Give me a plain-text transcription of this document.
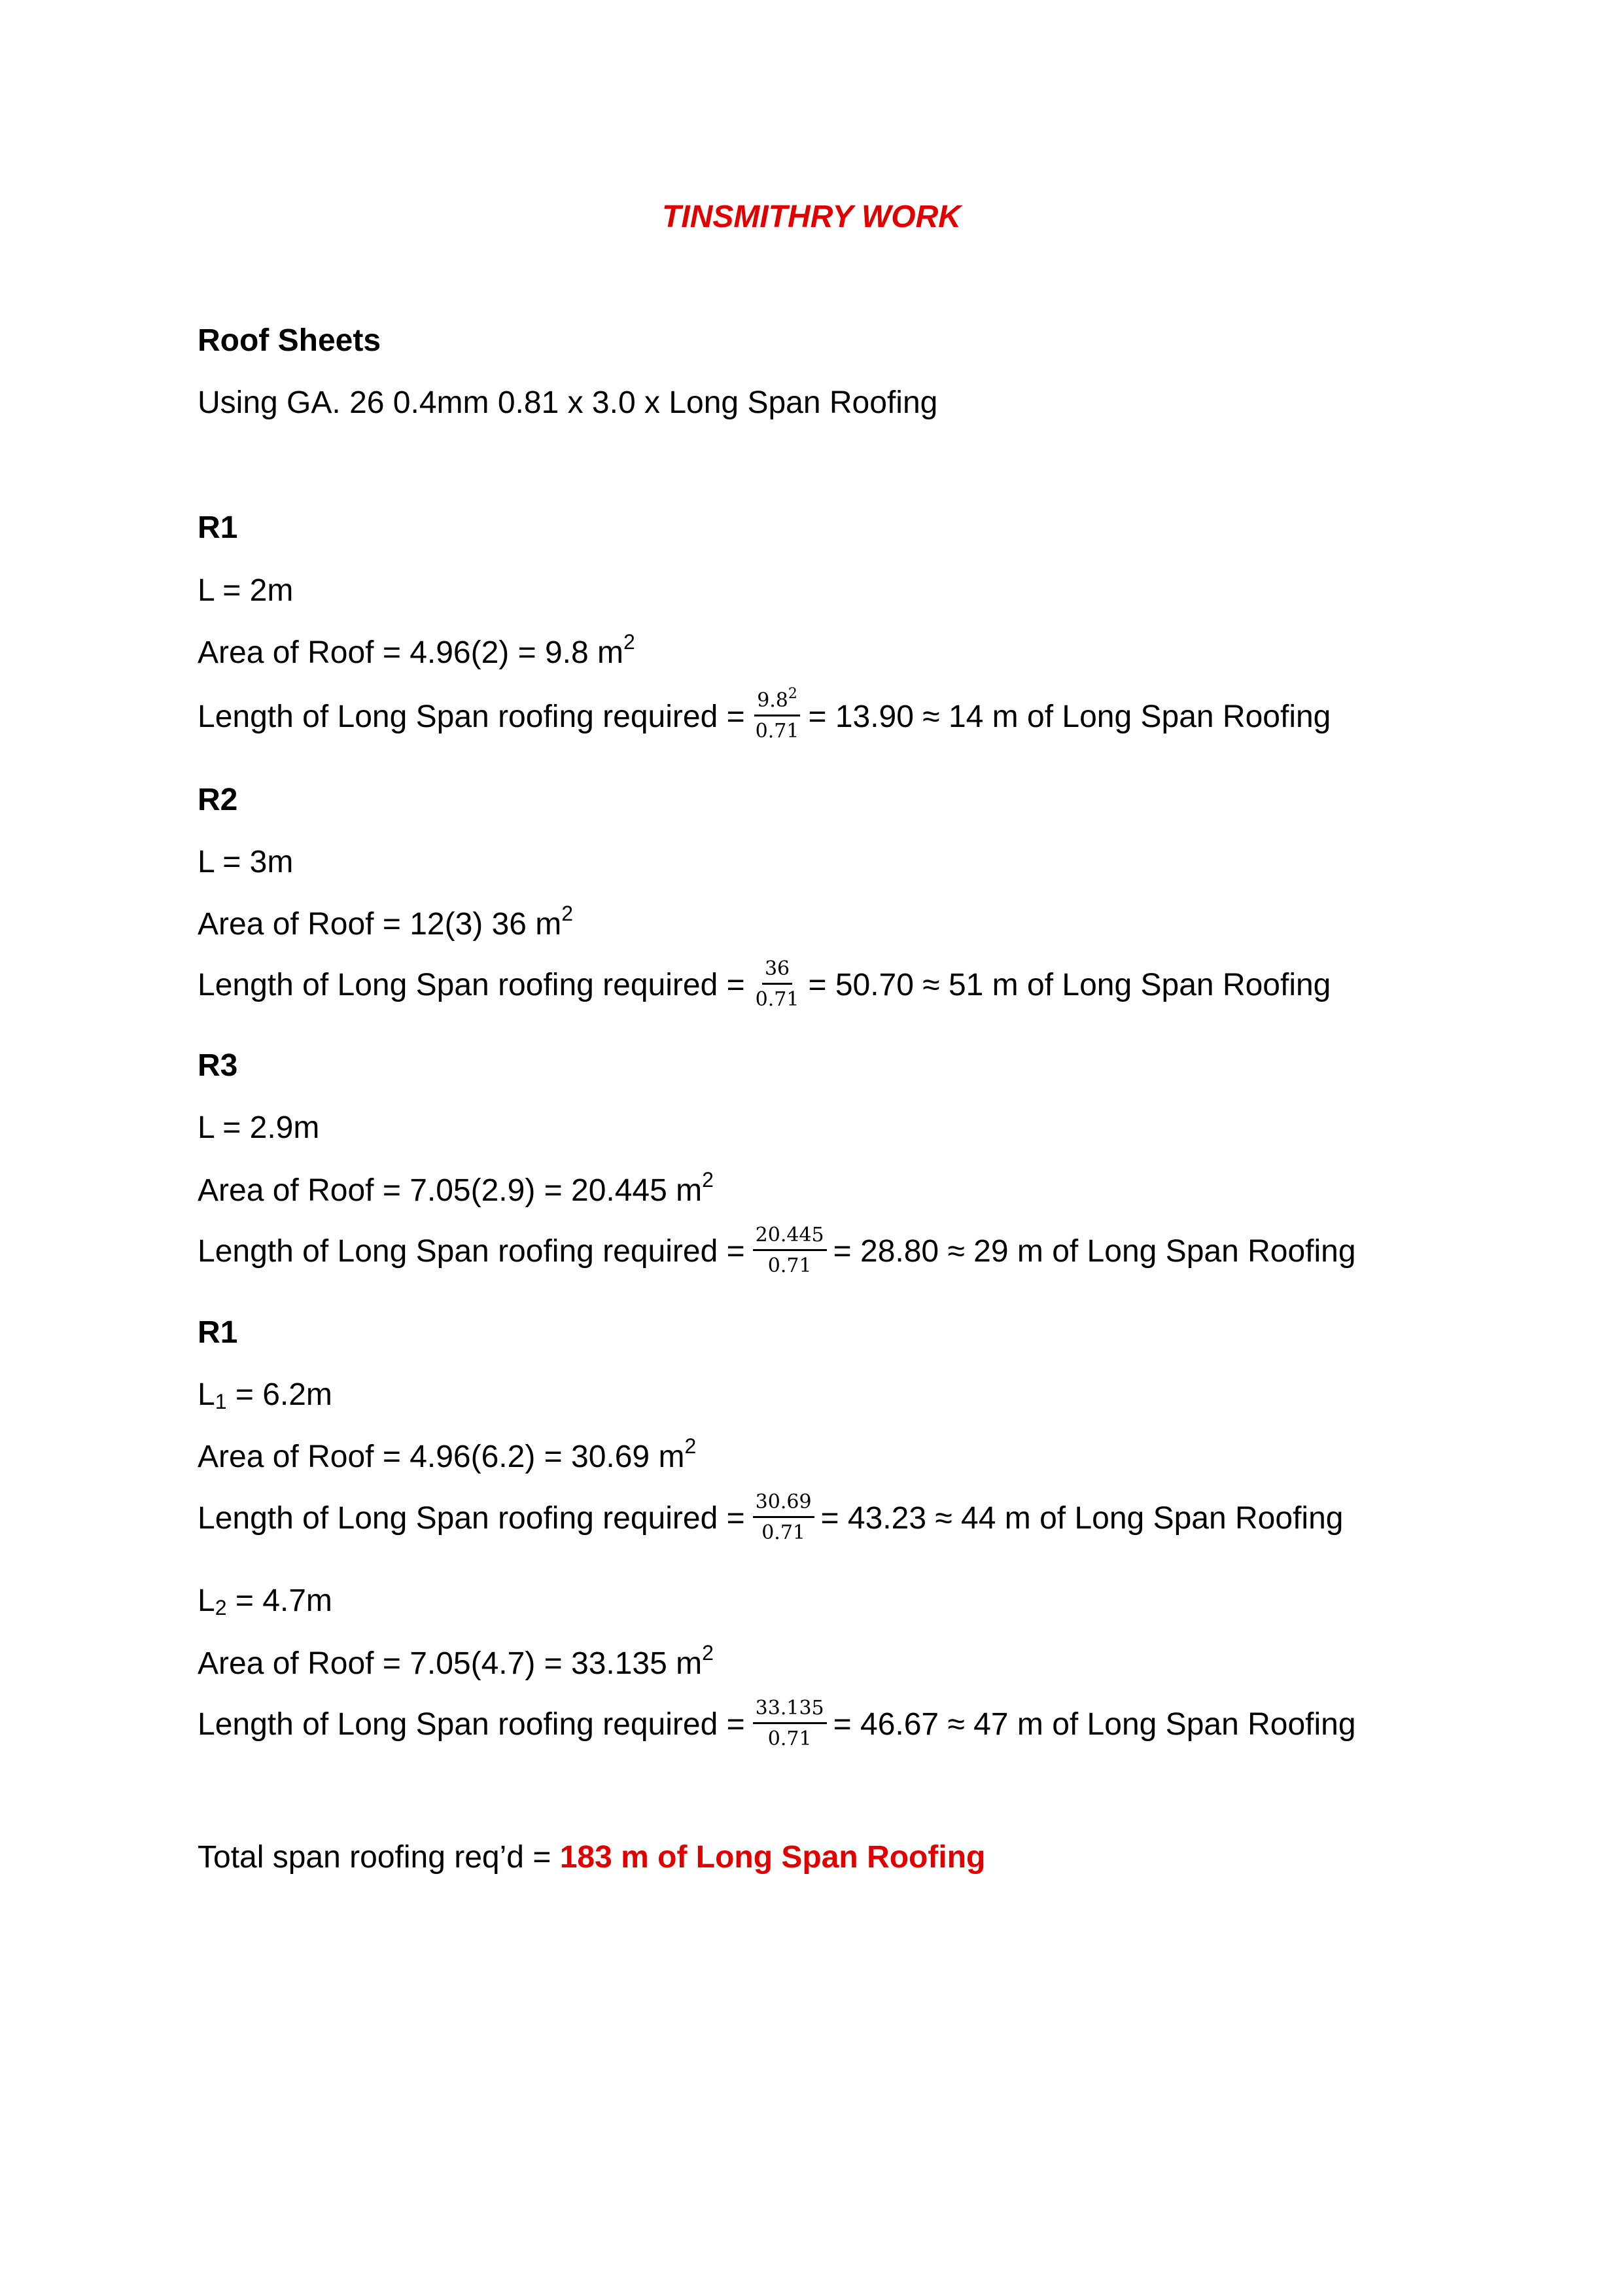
TINSMITHRY WORK
Roof Sheets
Using GA. 26 0.4mm 0.81 x 3.0 x Long Span Roofing
R1
L = 2m
Area of Roof = 4.96(2) = 9.8 $m^2$
Length of Long Span roofing required = $\frac{9.8^2}{0.71} = 13.90 \approx 14$ m of Long Span Roofing
R2
L = 3m
Area of Roof = 12(3) 36 $m^2$
Length of Long Span roofing required = $\frac{36}{0.71} = 50.70 \approx 51$ m of Long Span Roofing
R3
L = 2.9m
Area of Roof = 7.05(2.9) = 20.445 $m^2$
Length of Long Span roofing required = $\frac{20.445}{0.71} = 28.80 \approx 29$ m of Long Span Roofing
R1
$L_1 = 6.2m$
Area of Roof = 4.96(6.2) = 30.69 $m^2$
Length of Long Span roofing required = $\frac{30.69}{0.71} = 43.23 \approx 44$ m of Long Span Roofing
$L_2 = 4.7m$
Area of Roof = 7.05(4.7) = 33.135 $m^2$
Length of Long Span roofing required = $\frac{33.135}{0.71} = 46.67 \approx 47$ m of Long Span Roofing
Total span roofing req’d = 183 m of Long Span Roofing
